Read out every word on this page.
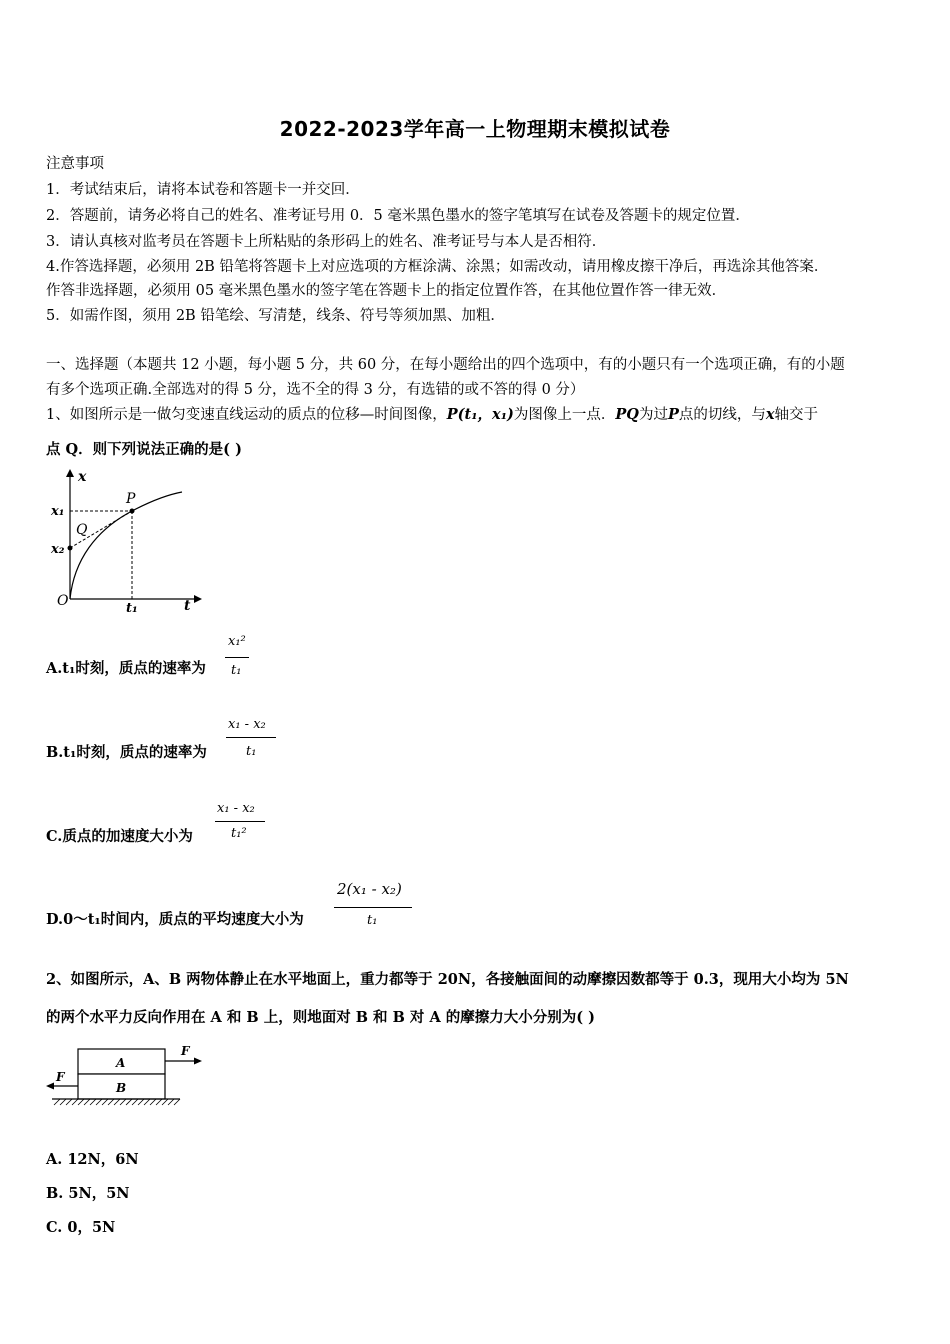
2022-2023学年高一上物理期末模拟试卷
注意事项
1．考试结束后，请将本试卷和答题卡一并交回．
2．答题前，请务必将自己的姓名、准考证号用 0．5 毫米黑色墨水的签字笔填写在试卷及答题卡的规定位置．
3．请认真核对监考员在答题卡上所粘贴的条形码上的姓名、准考证号与本人是否相符．
4.作答选择题，必须用 2B 铅笔将答题卡上对应选项的方框涂满、涂黑；如需改动，请用橡皮擦干净后，再选涂其他答案．
作答非选择题，必须用 05 毫米黑色墨水的签字笔在答题卡上的指定位置作答，在其他位置作答一律无效．
5．如需作图，须用 2B 铅笔绘、写清楚，线条、符号等须加黑、加粗．
一、选择题（本题共 12 小题，每小题 5 分，共 60 分，在每小题给出的四个选项中，有的小题只有一个选项正确，有的小题
有多个选项正确.全部选对的得 5 分，选不全的得 3 分，有选错的或不答的得 0 分）
1、如图所示是一做匀变速直线运动的质点的位移—时间图像，P(t₁，x₁)为图像上一点．PQ为过P点的切线，与x轴交于
点 Q．则下列说法正确的是( )
x
x₁
x₂
Q
P
O	t₁	t
A.t₁时刻，质点的速率为
x₁²
t₁
B.t₁时刻，质点的速率为
x₁ - x₂
t₁
C.质点的加速度大小为
x₁ - x₂
t₁²
D.0～t₁时间内，质点的平均速度大小为
2(x₁ - x₂)
t₁
2、如图所示，A、B 两物体静止在水平地面上，重力都等于 20N，各接触面间的动摩擦因数都等于 0.3，现用大小均为 5N
的两个水平力反向作用在 A 和 B 上，则地面对 B 和 B 对 A 的摩擦力大小分别为( )
A
B
F
F
A. 12N，6N
B. 5N，5N
C. 0，5N
